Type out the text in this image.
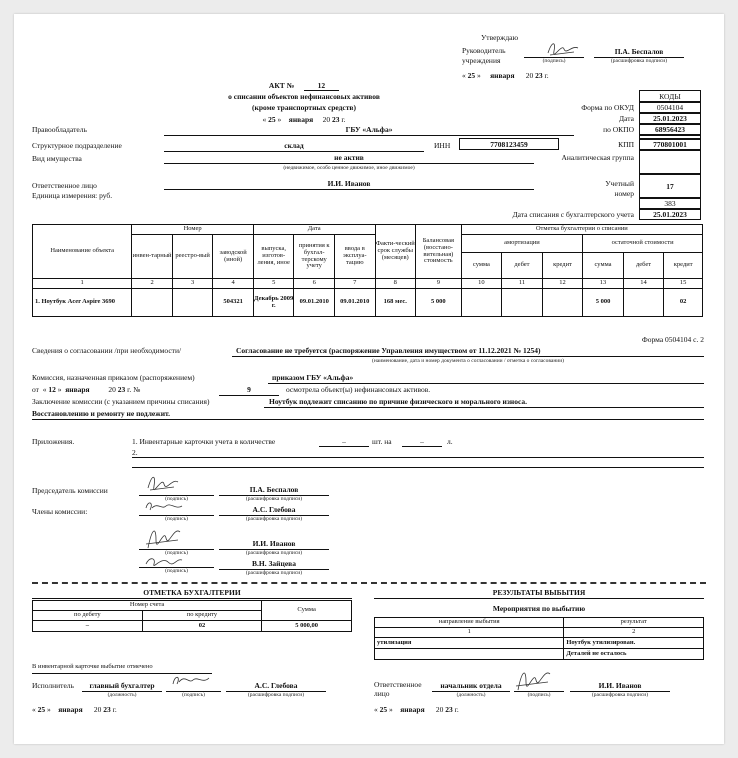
Утверждаю
Руководитель
учреждения	(подпись)
П.А. Беспалов
(расшифровка подписи)
« 25 »     января 20 23 г.
АКТ №	12
о списании объектов нефинансовых активов
(кроме транспортных средств)
« 25 »    января 20 23 г.
КОДЫ
Форма по ОКУД	0504104
Дата	25.01.2023
по ОКПО	68956423
КПП	770801001
Аналитическая группа
Учетный
номер
17
383
Дата списания с бухгалтерского учета	25.01.2023
Правообладатель	ГБУ «Альфа»
Структурное подразделение	склад	ИНН	7708123459
Вид имущества	не актив
(недвижимое, особо ценное движимое, иное движимое)
Ответственное лицо	И.И. Иванов
Единица измерения: руб.
Наименование объекта	Номер			Дата			Факти-ческий срок службы (месяцев)	Балансовая (восстано-вительная) стоимость	Отметка бухгалтерии о списании					
	инвен-тарный	реестро-вый	заводской (иной)	выпуска, изготов-ления, иное	принятия к бухгал-терскому учету	ввода в эксплуа-тацию			амортизации			остаточной стоимости		
									сумма	дебет	кредит	сумма	дебет	кредит
1	2	3	4	5	6	7	8	9	10	11	12	13	14	15
1. Ноутбук Acer Aspire 3690			504321	Декабрь 2009 г.	09.01.2010	09.01.2010	168 мес.	5 000				5 000		02
Форма 0504104 с. 2
Сведения о согласовании /при необходимости/	Согласование не требуется (распоряжение Управления имуществом от 11.12.2021 № 1254)
(наименование, дата и номер документа о согласовании / отметка о согласовании)
Комиссия, назначенная приказом (распоряжением)	приказом ГБУ «Альфа»
от  « 12 »  января	20 23 г. №	9	осмотрела объект(ы) нефинансовых активов.
Заключение комиссии (с указанием причины списания)	Ноутбук подлежит списанию по причине физического и морального износа.
Восстановлению и ремонту не подлежит.
Приложения.	1. Инвентарные карточки учета в количестве	–	шт. на	–	л.
2.
Председатель комиссии
Члены комиссии:
(подпись)
П.А. Беспалов
(расшифровка подписи)
(подпись)
А.С. Глебова
(расшифровка подписи)
(подпись)
И.И. Иванов
(расшифровка подписи)
(подпись)
В.Н. Зайцева
(расшифровка подписи)
ОТМЕТКА БУХГАЛТЕРИИ
Номер счета		Сумма
по дебету	по кредиту	
–	02	5 000,00

В инвентарной карточке выбытие отмечено
Исполнитель	главный бухгалтер
(должность)	(подпись)
А.С. Глебова
(расшифровка подписи)
« 25 »    января 20 23 г.
РЕЗУЛЬТАТЫ ВЫБЫТИЯ
Мероприятия по выбытию
направление выбытия	результат
1	2
утилизация	Ноутбук утилизирован.
	Деталей не осталось
Ответственное
лицо
начальник отдела
(должность)	(подпись)
И.И. Иванов
(расшифровка подписи)
« 25 »    января 20 23 г.
